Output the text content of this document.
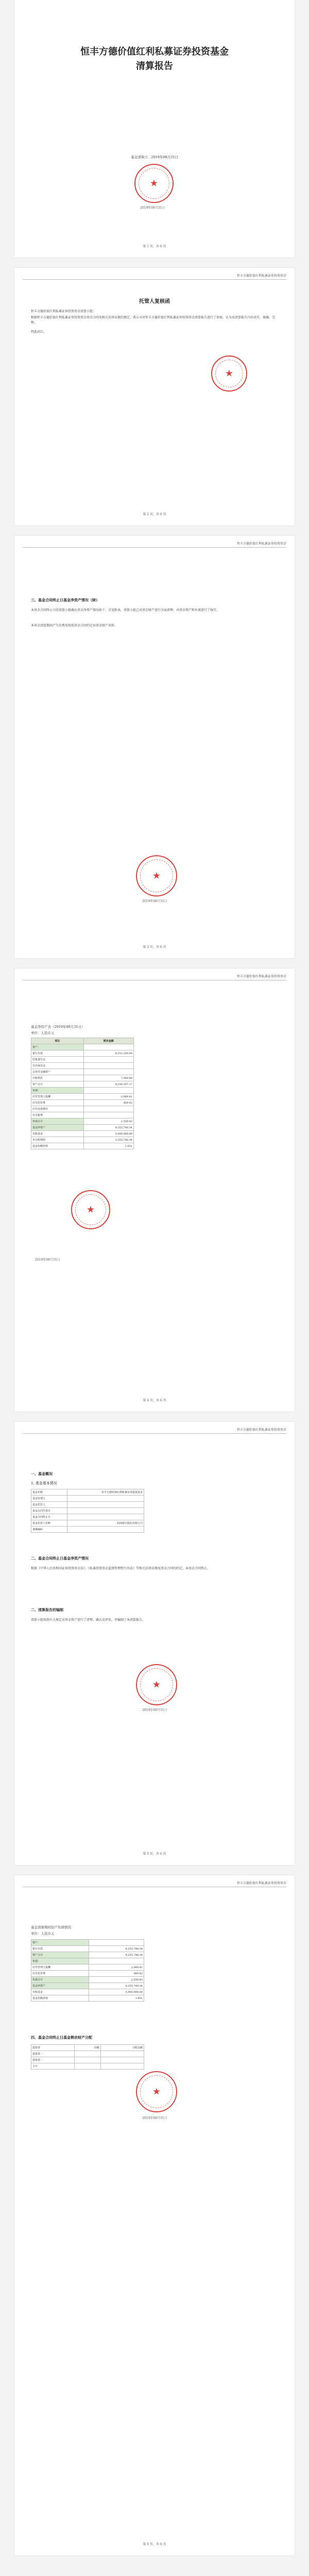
恒丰方德价值红利私募证券投资基金
清算报告
基金清算日：2019年08月31日
★
2019年08月31日
第 1 页，共 6 页
恒丰方德价值红利私募证券投资基金
托管人复核函
恒丰方德价值红利私募证券投资基金清算小组：
根据恒丰方德价值红利私募证券投资基金基金合同及相关法律法规的规定，我公司对恒丰方德价值红利私募证券投资基金清算报告进行了复核，认为该清算报告内容真实、准确、完整。
特此函告。
★
第 2 页，共 6 页
恒丰方德价值红利私募证券投资基金
三、基金合同终止日基金净资产情况（续）
本基金合同终止日经清算小组确认基金净资产情况如下，详见附表，清算小组已对基金财产进行全面清理，对基金资产和负债进行了核实。
本基金清算期间产生的费用按照基金合同约定由基金财产承担。
★
2019年08月31日
第 3 页，共 6 页
恒丰方德价值红利私募证券投资基金
基金净资产表（2019年08月31日）
单位：人民币元
项目	期末金额
资产：	
银行存款	8,251,258.69
结算备付金	
存出保证金	
交易性金融资产	
应收利息	7,048.48
资产总计	8,258,307.17
负债：	
应付管理人报酬	2,089.41
应付托管费	469.42
应付其他费用	
应交税费	
负债合计	2,558.83
基金净资产	8,255,748.34
实收基金	5,000,000.00
未分配利润	3,255,748.34
基金份额净值	1.651
★
2019年08月31日
第 4 页，共 6 页
恒丰方德价值红利私募证券投资基金
一、基金概况
1. 基金基本情况
基金名称	恒丰方德价值红利私募证券投资基金
基金管理人	
基金托管人	
基金合同生效日	
基金合同终止日	
基金托管人名称	招商银行股份有限公司
备案编码	
二、基金合同终止日基金净资产情况
根据《中华人民共和国证券投资基金法》、《私募投资基金监督管理暂行办法》等相关法律法规及基金合同的约定，本基金合同终止。
二、清算报告的编制
清算小组按照有关规定对基金资产进行了清理、确认及评估，并编制了本清算报告。
★
2019年08月31日
第 5 页，共 6 页
恒丰方德价值红利私募证券投资基金
基金清算期间资产负债情况
单位：人民币元
资产：	
银行存款	8,255,748.34
资产合计	8,255,748.34
负债：	
应付管理人报酬	2,089.41
应付托管费	469.42
负债合计	2,558.83
基金净资产	8,255,748.34
实收基金	5,000,000.00
基金份额净值	1.651
四、基金合同终止日基金剩余财产分配
投资者	份额	分配金额
投资者一		
投资者二		
合计		
★
2019年08月31日
第 6 页，共 6 页
